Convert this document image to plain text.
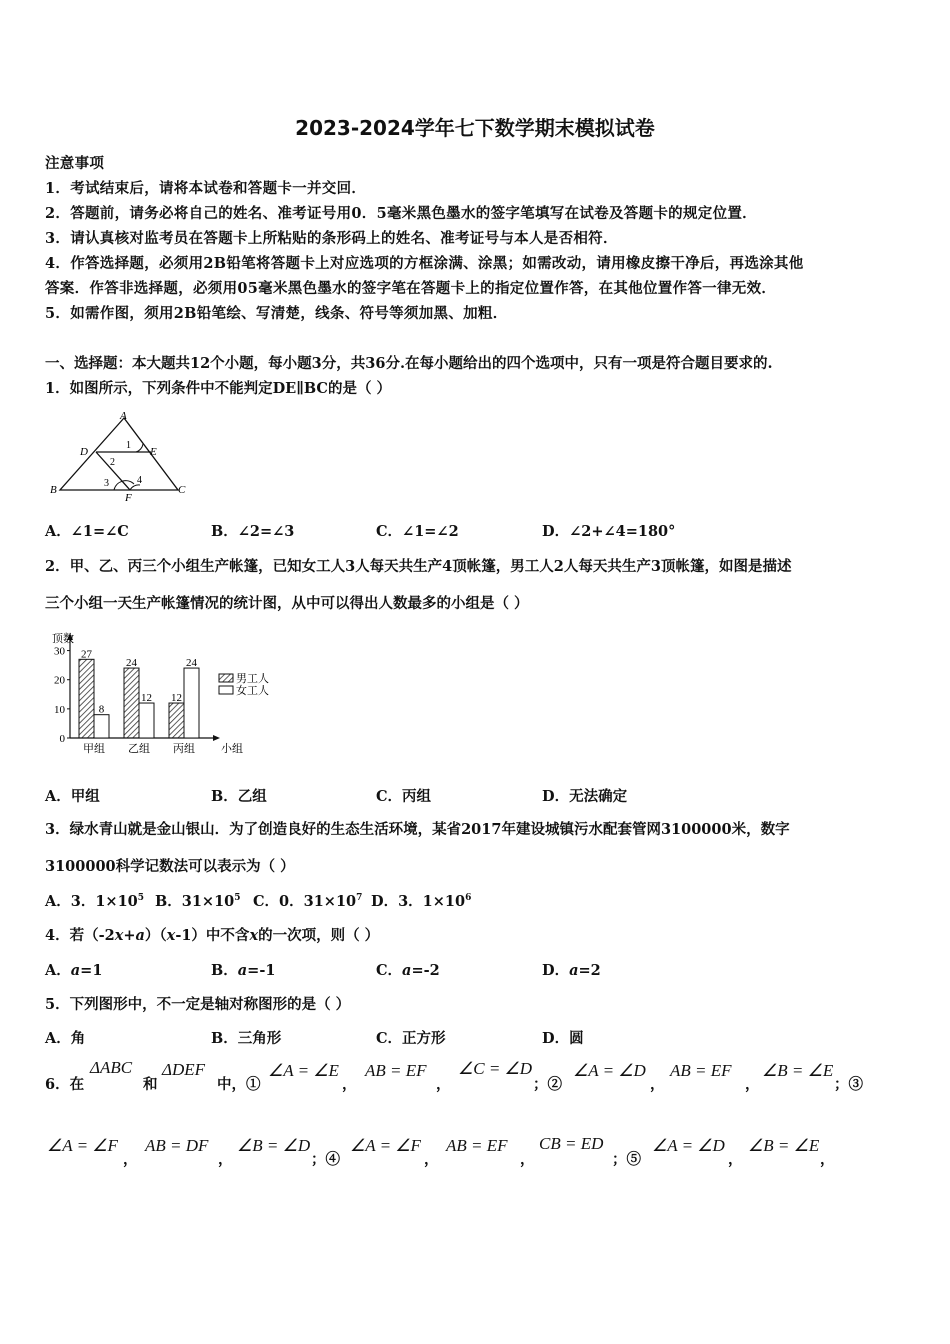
2023-2024学年七下数学期末模拟试卷
注意事项
1．考试结束后，请将本试卷和答题卡一并交回．
2．答题前，请务必将自己的姓名、准考证号用0．5毫米黑色墨水的签字笔填写在试卷及答题卡的规定位置．
3．请认真核对监考员在答题卡上所粘贴的条形码上的姓名、准考证号与本人是否相符．
4．作答选择题，必须用2B铅笔将答题卡上对应选项的方框涂满、涂黑；如需改动，请用橡皮擦干净后，再选涂其他
答案．作答非选择题，必须用05毫米黑色墨水的签字笔在答题卡上的指定位置作答，在其他位置作答一律无效．
5．如需作图，须用2B铅笔绘、写清楚，线条、符号等须加黑、加粗．
一、选择题：本大题共12个小题，每小题3分，共36分.在每小题给出的四个选项中，只有一项是符合题目要求的.
1．如图所示，下列条件中不能判定DE∥BC的是（ ）
A
D	E
B	C
F
1
2
3	4
A．∠1=∠C	B．∠2=∠3	C．∠1=∠2	D．∠2+∠4=180°
2．甲、乙、丙三个小组生产帐篷，已知女工人3人每天共生产4顶帐篷，男工人2人每天共生产3顶帐篷，如图是描述
三个小组一天生产帐篷情况的统计图，从中可以得出人数最多的小组是（ ）
顶数
小组
0
10
20
30 27
8
甲组
24
12
乙组
12
24
丙组
男工人
女工人
A．甲组	B．乙组	C．丙组	D．无法确定
3．绿水青山就是金山银山．为了创造良好的生态生活环境，某省2017年建设城镇污水配套管网3100000米，数字
3100000科学记数法可以表示为（ ）
A．3．$1\times 10^5$ B．$31\times 10^5$ C．0．$31\times 10^7$ D．3．$1\times 10^6$
4．若（-2x+a）（x-1）中不含x的一次项，则（ ）
A．a=1	B．a=-1	C．a=-2	D．a=2
5．下列图形中，不一定是轴对称图形的是（ ）
A．角	B．三角形	C．正方形	D．圆
6．在
ΔABC
和
ΔDEF
中，①
∠A = ∠E
，
AB = EF
，
∠C = ∠D
；②
∠A = ∠D
，
AB = EF
，
∠B = ∠E
；③
∠A = ∠F
，
AB = DF
，
∠B = ∠D
；④
∠A = ∠F
，
AB = EF
，
CB = ED
；⑤
∠A = ∠D
，
∠B = ∠E
，
